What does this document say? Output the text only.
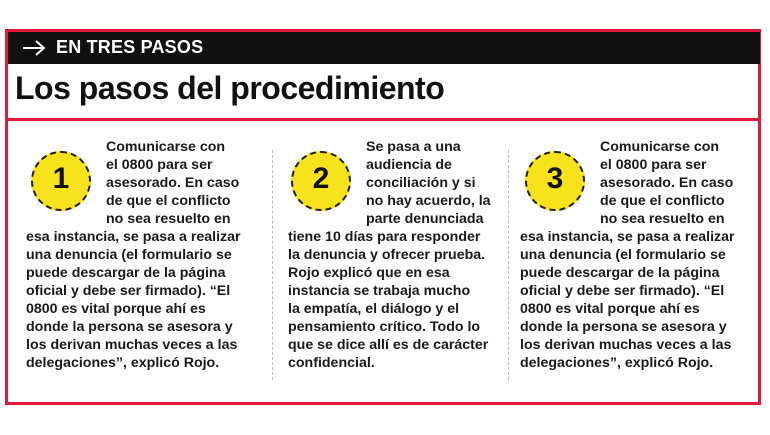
EN TRES PASOS
Los pasos del procedimiento
1

Comunicarse con

el 0800 para ser

asesorado. En caso

de que el conflicto

no sea resuelto en

esa instancia, se pasa a realizar

una denuncia (el formulario se

puede descargar de la página

oficial y debe ser firmado). “El

0800 es vital porque ahí es

donde la persona se asesora y

los derivan muchas veces a las

delegaciones”, explicó Rojo.

2

Se pasa a una

audiencia de

conciliación y si

no hay acuerdo, la

parte denunciada

tiene 10 días para responder

la denuncia y ofrecer prueba.

Rojo explicó que en esa

instancia se trabaja mucho

la empatía, el diálogo y el

pensamiento crítico. Todo lo

que se dice allí es de carácter

confidencial.

3

Comunicarse con

el 0800 para ser

asesorado. En caso

de que el conflicto

no sea resuelto en

esa instancia, se pasa a realizar

una denuncia (el formulario se

puede descargar de la página

oficial y debe ser firmado). “El

0800 es vital porque ahí es

donde la persona se asesora y

los derivan muchas veces a las

delegaciones”, explicó Rojo.
